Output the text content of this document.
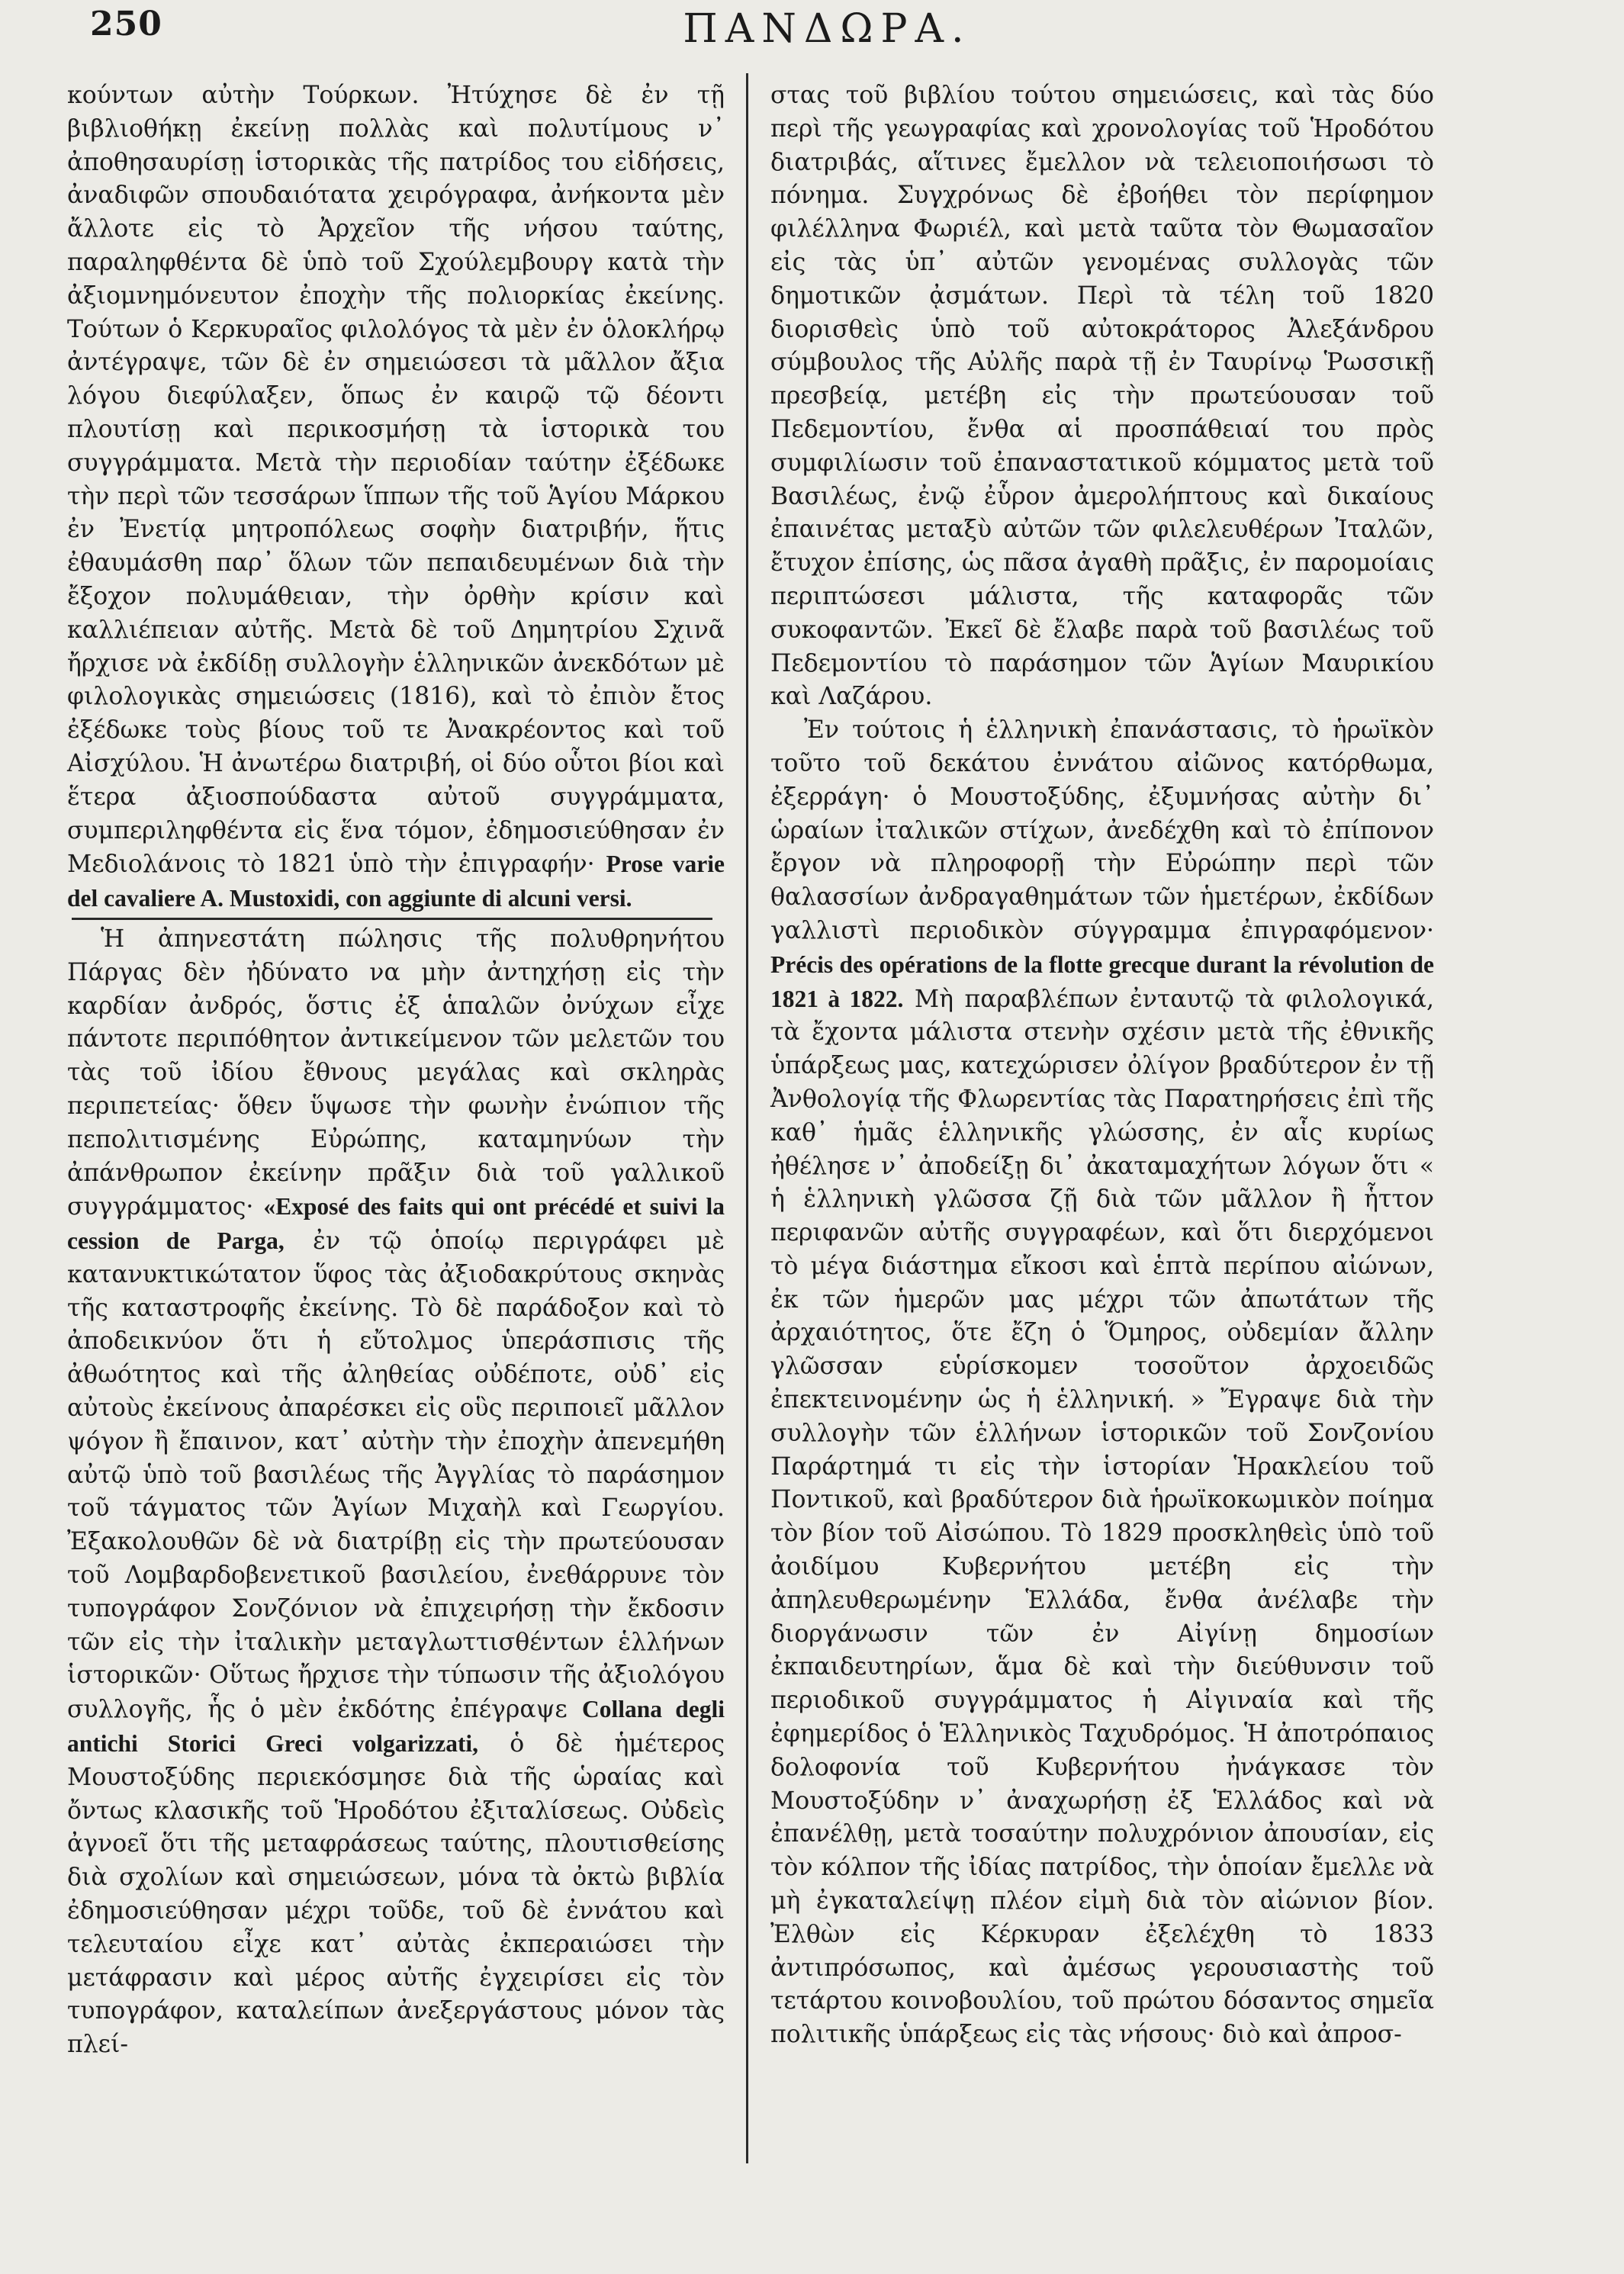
250	ΠΑΝΔΩΡΑ.

κούντων αὐτὴν Τούρκων. Ἠτύχησε δὲ ἐν τῇ βιβλιοθήκῃ ἐκείνῃ πολλὰς καὶ πολυτίμους ν᾽ ἀποθησαυρίσῃ ἱστορικὰς τῆς πατρίδος του εἰδήσεις, ἀναδιφῶν σπουδαιότατα χειρόγραφα, ἀνήκοντα μὲν ἄλλοτε εἰς τὸ Ἀρχεῖον τῆς νήσου ταύτης, παραληφθέντα δὲ ὑπὸ τοῦ Σχούλεμβουργ κατὰ τὴν ἀξιομνημόνευτον ἐποχὴν τῆς πολιορκίας ἐκείνης. Τούτων ὁ Κερκυραῖος φιλολόγος τὰ μὲν ἐν ὁλοκλήρῳ ἀντέγραψε, τῶν δὲ ἐν σημειώσεσι τὰ μᾶλλον ἄξια λόγου διεφύλαξεν, ὅπως ἐν καιρῷ τῷ δέοντι πλουτίσῃ καὶ περικοσμήσῃ τὰ ἱστορικὰ του συγγράμματα. Μετὰ τὴν περιοδίαν ταύτην ἐξέδωκε τὴν περὶ τῶν τεσσάρων ἵππων τῆς τοῦ Ἁγίου Μάρκου ἐν Ἐνετίᾳ μητροπόλεως σοφὴν διατριβήν, ἥτις ἐθαυμάσθη παρ᾽ ὅλων τῶν πεπαιδευμένων διὰ τὴν ἔξοχον πολυμάθειαν, τὴν ὀρθὴν κρίσιν καὶ καλλιέπειαν αὐτῆς. Μετὰ δὲ τοῦ Δημητρίου Σχινᾶ ἤρχισε νὰ ἐκδίδῃ συλλογὴν ἑλληνικῶν ἀνεκδότων μὲ φιλολογικὰς σημειώσεις (1816), καὶ τὸ ἐπιὸν ἔτος ἐξέδωκε τοὺς βίους τοῦ τε Ἀνακρέοντος καὶ τοῦ Αἰσχύλου. Ἡ ἀνωτέρω διατριβή, οἱ δύο οὗτοι βίοι καὶ ἕτερα ἀξιοσπούδαστα αὐτοῦ συγγράμματα, συμπεριληφθέντα εἰς ἕνα τόμον, ἐδημοσιεύθησαν ἐν Μεδιολάνοις τὸ 1821 ὑπὸ τὴν ἐπιγραφήν· Prose varie del cavaliere A. Mustoxidi, con aggiunte di alcuni versi.

Ἡ ἀπηνεστάτη πώλησις τῆς πολυθρηνήτου Πάργας δὲν ἠδύνατο να μὴν ἀντηχήσῃ εἰς τὴν καρδίαν ἀνδρός, ὅστις ἐξ ἁπαλῶν ὀνύχων εἶχε πάντοτε περιπόθητον ἀντικείμενον τῶν μελετῶν του τὰς τοῦ ἰδίου ἔθνους μεγάλας καὶ σκληρὰς περιπετείας· ὅθεν ὕψωσε τὴν φωνὴν ἐνώπιον τῆς πεπολιτισμένης Εὐρώπης, καταμηνύων τὴν ἀπάνθρωπον ἐκείνην πρᾶξιν διὰ τοῦ γαλλικοῦ συγγράμματος· «Exposé des faits qui ont précédé et suivi la cession de Parga, ἐν τῷ ὁποίῳ περιγράφει μὲ κατανυκτικώτατον ὕφος τὰς ἀξιοδακρύτους σκηνὰς τῆς καταστροφῆς ἐκείνης. Τὸ δὲ παράδοξον καὶ τὸ ἀποδεικνύον ὅτι ἡ εὔτολμος ὑπεράσπισις τῆς ἀθωότητος καὶ τῆς ἀληθείας οὐδέποτε, οὐδ᾽ εἰς αὐτοὺς ἐκείνους ἀπαρέσκει εἰς οὓς περιποιεῖ μᾶλλον ψόγον ἢ ἔπαινον, κατ᾽ αὐτὴν τὴν ἐποχὴν ἀπενεμήθη αὐτῷ ὑπὸ τοῦ βασιλέως τῆς Ἀγγλίας τὸ παράσημον τοῦ τάγματος τῶν Ἁγίων Μιχαὴλ καὶ Γεωργίου. Ἐξακολουθῶν δὲ νὰ διατρίβῃ εἰς τὴν πρωτεύουσαν τοῦ Λομβαρδοβενετικοῦ βασιλείου, ἐνεθάρρυνε τὸν τυπογράφον Σονζόνιον νὰ ἐπιχειρήσῃ τὴν ἔκδοσιν τῶν εἰς τὴν ἰταλικὴν μεταγλωττισθέντων ἑλλήνων ἱστορικῶν· Οὕτως ἤρχισε τὴν τύπωσιν τῆς ἀξιολόγου συλλογῆς, ἧς ὁ μὲν ἐκδότης ἐπέγραψε Collana degli antichi Storici Greci volgarizzati, ὁ δὲ ἡμέτερος Μουστοξύδης περιεκόσμησε διὰ τῆς ὡραίας καὶ ὄντως κλασικῆς τοῦ Ἡροδότου ἐξιταλίσεως. Οὐδεὶς ἀγνοεῖ ὅτι τῆς μεταφράσεως ταύτης, πλουτισθείσης διὰ σχολίων καὶ σημειώσεων, μόνα τὰ ὀκτὼ βιβλία ἐδημοσιεύθησαν μέχρι τοῦδε, τοῦ δὲ ἐννάτου καὶ τελευταίου εἶχε κατ᾽ αὐτὰς ἐκπεραιώσει τὴν μετάφρασιν καὶ μέρος αὐτῆς ἐγχειρίσει εἰς τὸν τυπογράφον, καταλείπων ἀνεξεργάστους μόνον τὰς πλεί-

στας τοῦ βιβλίου τούτου σημειώσεις, καὶ τὰς δύο περὶ τῆς γεωγραφίας καὶ χρονολογίας τοῦ Ἡροδότου διατριβάς, αἵτινες ἔμελλον νὰ τελειοποιήσωσι τὸ πόνημα. Συγχρόνως δὲ ἐβοήθει τὸν περίφημον φιλέλληνα Φωριέλ, καὶ μετὰ ταῦτα τὸν Θωμασαῖον εἰς τὰς ὑπ᾽ αὐτῶν γενομένας συλλογὰς τῶν δημοτικῶν ᾀσμάτων. Περὶ τὰ τέλη τοῦ 1820 διορισθεὶς ὑπὸ τοῦ αὐτοκράτορος Ἀλεξάνδρου σύμβουλος τῆς Αὐλῆς παρὰ τῇ ἐν Ταυρίνῳ Ῥωσσικῇ πρεσβείᾳ, μετέβη εἰς τὴν πρωτεύουσαν τοῦ Πεδεμοντίου, ἔνθα αἱ προσπάθειαί του πρὸς συμφιλίωσιν τοῦ ἐπαναστατικοῦ κόμματος μετὰ τοῦ Βασιλέως, ἐνῷ ἐὗρον ἀμερολήπτους καὶ δικαίους ἐπαινέτας μεταξὺ αὐτῶν τῶν φιλελευθέρων Ἰταλῶν, ἔτυχον ἐπίσης, ὡς πᾶσα ἀγαθὴ πρᾶξις, ἐν παρομοίαις περιπτώσεσι μάλιστα, τῆς καταφορᾶς τῶν συκοφαντῶν. Ἐκεῖ δὲ ἔλαβε παρὰ τοῦ βασιλέως τοῦ Πεδεμοντίου τὸ παράσημον τῶν Ἁγίων Μαυρικίου καὶ Λαζάρου.

Ἐν τούτοις ἡ ἑλληνικὴ ἐπανάστασις, τὸ ἡρωϊκὸν τοῦτο τοῦ δεκάτου ἐννάτου αἰῶνος κατόρθωμα, ἐξερράγη· ὁ Μουστοξύδης, ἐξυμνήσας αὐτὴν δι᾽ ὡραίων ἰταλικῶν στίχων, ἀνεδέχθη καὶ τὸ ἐπίπονον ἔργον νὰ πληροφορῇ τὴν Εὐρώπην περὶ τῶν θαλασσίων ἀνδραγαθημάτων τῶν ἡμετέρων, ἐκδίδων γαλλιστὶ περιοδικὸν σύγγραμμα ἐπιγραφόμενον· Précis des opérations de la flotte grecque durant la révolution de 1821 à 1822. Μὴ παραβλέπων ἐνταυτῷ τὰ φιλολογικά, τὰ ἔχοντα μάλιστα στενὴν σχέσιν μετὰ τῆς ἐθνικῆς ὑπάρξεως μας, κατεχώρισεν ὀλίγον βραδύτερον ἐν τῇ Ἀνθολογίᾳ τῆς Φλωρεντίας τὰς Παρατηρήσεις ἐπὶ τῆς καθ᾽ ἡμᾶς ἑλληνικῆς γλώσσης, ἐν αἷς κυρίως ἠθέλησε ν᾽ ἀποδείξῃ δι᾽ ἀκαταμαχήτων λόγων ὅτι « ἡ ἑλληνικὴ γλῶσσα ζῇ διὰ τῶν μᾶλλον ἢ ἧττον περιφανῶν αὐτῆς συγγραφέων, καὶ ὅτι διερχόμενοι τὸ μέγα διάστημα εἴκοσι καὶ ἑπτὰ περίπου αἰώνων, ἐκ τῶν ἡμερῶν μας μέχρι τῶν ἀπωτάτων τῆς ἀρχαιότητος, ὅτε ἔζη ὁ Ὅμηρος, οὐδεμίαν ἄλλην γλῶσσαν εὑρίσκομεν τοσοῦτον ἀρχοειδῶς ἐπεκτεινομένην ὡς ἡ ἑλληνική. » Ἔγραψε διὰ τὴν συλλογὴν τῶν ἑλλήνων ἱστορικῶν τοῦ Σονζονίου Παράρτημά τι εἰς τὴν ἱστορίαν Ἡρακλείου τοῦ Ποντικοῦ, καὶ βραδύτερον διὰ ἡρωϊκοκωμικὸν ποίημα τὸν βίον τοῦ Αἰσώπου. Τὸ 1829 προσκληθεὶς ὑπὸ τοῦ ἀοιδίμου Κυβερνήτου μετέβη εἰς τὴν ἀπηλευθερωμένην Ἑλλάδα, ἔνθα ἀνέλαβε τὴν διοργάνωσιν τῶν ἐν Αἰγίνῃ δημοσίων ἐκπαιδευτηρίων, ἅμα δὲ καὶ τὴν διεύθυνσιν τοῦ περιοδικοῦ συγγράμματος ἡ Αἰγιναία καὶ τῆς ἐφημερίδος ὁ Ἑλληνικὸς Ταχυδρόμος. Ἡ ἀποτρόπαιος δολοφονία τοῦ Κυβερνήτου ἠνάγκασε τὸν Μουστοξύδην ν᾽ ἀναχωρήσῃ ἐξ Ἑλλάδος καὶ νὰ ἐπανέλθῃ, μετὰ τοσαύτην πολυχρόνιον ἀπουσίαν, εἰς τὸν κόλπον τῆς ἰδίας πατρίδος, τὴν ὁποίαν ἔμελλε νὰ μὴ ἐγκαταλείψῃ πλέον εἰμὴ διὰ τὸν αἰώνιον βίον. Ἐλθὼν εἰς Κέρκυραν ἐξελέχθη τὸ 1833 ἀντιπρόσωπος, καὶ ἀμέσως γερουσιαστὴς τοῦ τετάρτου κοινοβουλίου, τοῦ πρώτου δόσαντος σημεῖα πολιτικῆς ὑπάρξεως εἰς τὰς νήσους· διὸ καὶ ἀπροσ-
